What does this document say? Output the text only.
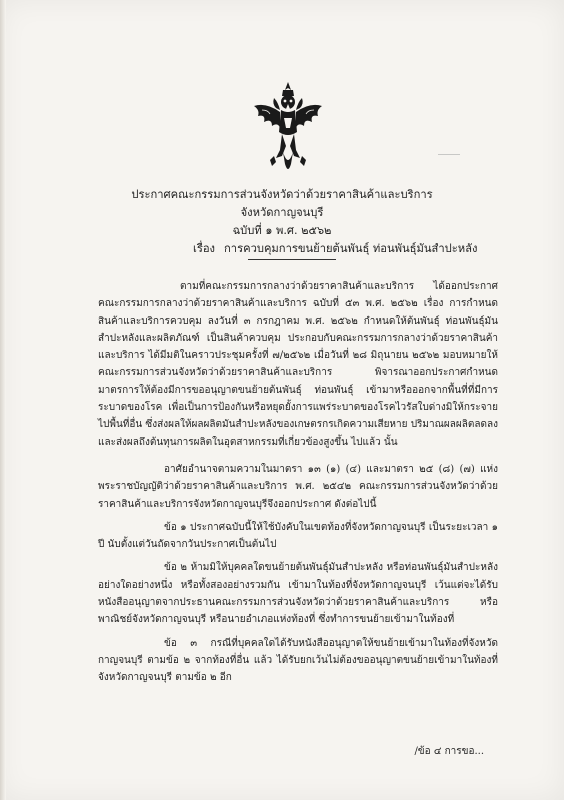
ประกาศคณะกรรมการส่วนจังหวัดว่าด้วยราคาสินค้าและบริการ
จังหวัดกาญจนบุรี
ฉบับที่ ๑ พ.ศ. ๒๕๖๒
เรื่อง การควบคุมการขนย้ายต้นพันธุ์ ท่อนพันธุ์มันสำปะหลัง

ตามที่คณะกรรมการกลางว่าด้วยราคาสินค้าและบริการ ได้ออกประกาศคณะกรรมการกลางว่าด้วยราคาสินค้าและบริการ ฉบับที่ ๕๓ พ.ศ. ๒๕๖๒ เรื่อง การกำหนดสินค้าและบริการควบคุม ลงวันที่ ๓ กรกฎาคม พ.ศ. ๒๕๖๒ กำหนดให้ต้นพันธุ์ ท่อนพันธุ์มันสำปะหลังและผลิตภัณฑ์ เป็นสินค้าควบคุม ประกอบกับคณะกรรมการกลางว่าด้วยราคาสินค้าและบริการ ได้มีมติในคราวประชุมครั้งที่ ๗/๒๕๖๒ เมื่อวันที่ ๒๘ มิถุนายน ๒๕๖๒ มอบหมายให้คณะกรรมการส่วนจังหวัดว่าด้วยราคาสินค้าและบริการ พิจารณาออกประกาศกำหนดมาตรการให้ต้องมีการขออนุญาตขนย้ายต้นพันธุ์ ท่อนพันธุ์ เข้ามาหรือออกจากพื้นที่ที่มีการระบาดของโรค เพื่อเป็นการป้องกันหรือหยุดยั้งการแพร่ระบาดของโรคไวรัสใบด่างมิให้กระจายไปพื้นที่อื่น ซึ่งส่งผลให้ผลผลิตมันสำปะหลังของเกษตรกรเกิดความเสียหาย ปริมาณผลผลิตลดลง และส่งผลถึงต้นทุนการผลิตในอุตสาหกรรมที่เกี่ยวข้องสูงขึ้น ไปแล้ว นั้น

อาศัยอำนาจตามความในมาตรา ๑๓ (๑) (๔) และมาตรา ๒๕ (๘) (๗) แห่งพระราชบัญญัติว่าด้วยราคาสินค้าและบริการ พ.ศ. ๒๕๔๒ คณะกรรมการส่วนจังหวัดว่าด้วยราคาสินค้าและบริการจังหวัดกาญจนบุรีจึงออกประกาศ ดังต่อไปนี้

ข้อ ๑ ประกาศฉบับนี้ให้ใช้บังคับในเขตท้องที่จังหวัดกาญจนบุรี เป็นระยะเวลา ๑ ปี นับตั้งแต่วันถัดจากวันประกาศเป็นต้นไป

ข้อ ๒ ห้ามมิให้บุคคลใดขนย้ายต้นพันธุ์มันสำปะหลัง หรือท่อนพันธุ์มันสำปะหลัง อย่างใดอย่างหนึ่ง หรือทั้งสองอย่างรวมกัน เข้ามาในท้องที่จังหวัดกาญจนบุรี เว้นแต่จะได้รับหนังสืออนุญาตจากประธานคณะกรรมการส่วนจังหวัดว่าด้วยราคาสินค้าและบริการ หรือพาณิชย์จังหวัดกาญจนบุรี หรือนายอำเภอแห่งท้องที่ ซึ่งทำการขนย้ายเข้ามาในท้องที่

ข้อ ๓ กรณีที่บุคคลใดได้รับหนังสืออนุญาตให้ขนย้ายเข้ามาในท้องที่จังหวัดกาญจนบุรี ตามข้อ ๒ จากท้องที่อื่น แล้ว ได้รับยกเว้นไม่ต้องขออนุญาตขนย้ายเข้ามาในท้องที่จังหวัดกาญจนบุรี ตามข้อ ๒ อีก

/ข้อ ๔ การขอ...
